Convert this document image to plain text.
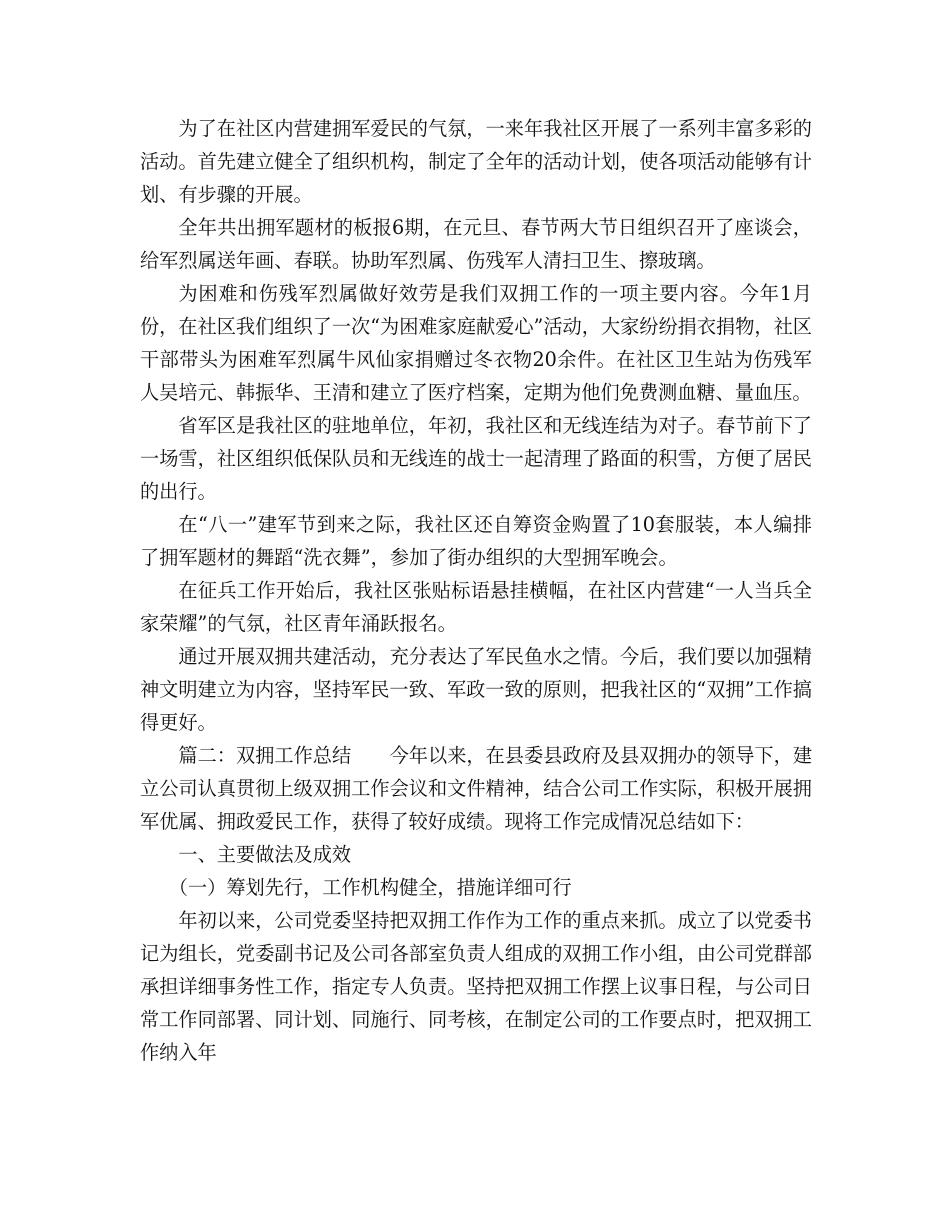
为了在社区内营建拥军爱民的气氛，一来年我社区开展了一系列丰富多彩的活动。首先建立健全了组织机构，制定了全年的活动计划，使各项活动能够有计划、有步骤的开展。

全年共出拥军题材的板报6期，在元旦、春节两大节日组织召开了座谈会，给军烈属送年画、春联。协助军烈属、伤残军人清扫卫生、擦玻璃。

为困难和伤残军烈属做好效劳是我们双拥工作的一项主要内容。今年1月份，在社区我们组织了一次“为困难家庭献爱心”活动，大家纷纷捐衣捐物，社区干部带头为困难军烈属牛风仙家捐赠过冬衣物20余件。在社区卫生站为伤残军人吴培元、韩振华、王清和建立了医疗档案，定期为他们免费测血糖、量血压。

省军区是我社区的驻地单位，年初，我社区和无线连结为对子。春节前下了一场雪，社区组织低保队员和无线连的战士一起清理了路面的积雪，方便了居民的出行。

在“八一”建军节到来之际，我社区还自筹资金购置了10套服装，本人编排了拥军题材的舞蹈“洗衣舞”，参加了街办组织的大型拥军晚会。

在征兵工作开始后，我社区张贴标语悬挂横幅，在社区内营建“一人当兵全家荣耀”的气氛，社区青年涌跃报名。

通过开展双拥共建活动，充分表达了军民鱼水之情。今后，我们要以加强精神文明建立为内容，坚持军民一致、军政一致的原则，把我社区的“双拥”工作搞得更好。

篇二：双拥工作总结 今年以来，在县委县政府及县双拥办的领导下，建立公司认真贯彻上级双拥工作会议和文件精神，结合公司工作实际，积极开展拥军优属、拥政爱民工作，获得了较好成绩。现将工作完成情况总结如下：

一、主要做法及成效

（一）筹划先行，工作机构健全，措施详细可行

年初以来，公司党委坚持把双拥工作作为工作的重点来抓。成立了以党委书记为组长，党委副书记及公司各部室负责人组成的双拥工作小组，由公司党群部承担详细事务性工作，指定专人负责。坚持把双拥工作摆上议事日程，与公司日常工作同部署、同计划、同施行、同考核，在制定公司的工作要点时，把双拥工作纳入年
